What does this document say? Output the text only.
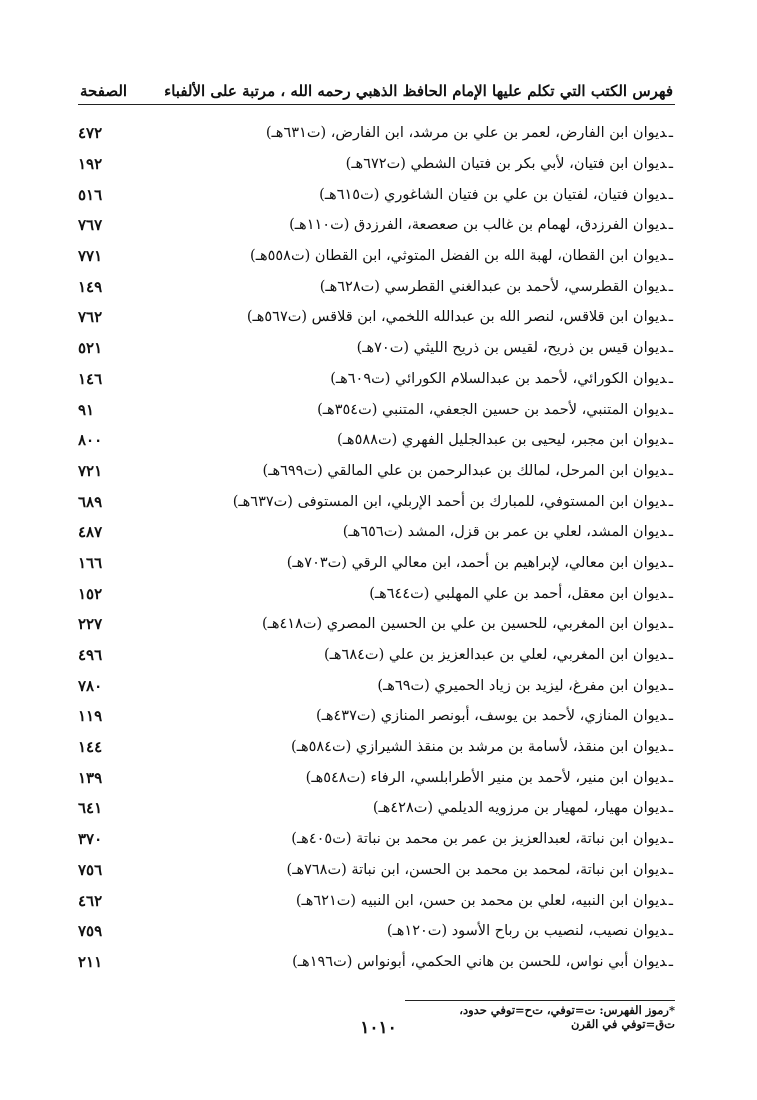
فهرس الكتب التي تكلم عليها الإمام الحافظ الذهبي رحمه الله ، مرتبة على الألفباء
الصفحة
ـديوان ابن الفارض، لعمر بن علي بن مرشد، ابن الفارض، (ت٦٣١هـ)
٤٧٢
ـديوان ابن فتيان، لأبي بكر بن فتيان الشطي (ت٦٧٢هـ)
١٩٢
ـديوان فتيان، لفتيان بن علي بن فتيان الشاغوري (ت٦١٥هـ)
٥١٦
ـديوان الفرزدق، لهمام بن غالب بن صعصعة، الفرزدق (ت١١٠هـ)
٧٦٧
ـديوان ابن القطان، لهبة الله بن الفضل المتوثي، ابن القطان (ت٥٥٨هـ)
٧٧١
ـديوان القطرسي، لأحمد بن عبدالغني القطرسي (ت٦٢٨هـ)
١٤٩
ـديوان ابن قلاقس، لنصر الله بن عبدالله اللخمي، ابن قلاقس (ت٥٦٧هـ)
٧٦٢
ـديوان قيس بن ذريح، لقيس بن ذريح الليثي (ت٧٠هـ)
٥٢١
ـديوان الكورائي، لأحمد بن عبدالسلام الكورائي (ت٦٠٩هـ)
١٤٦
ـديوان المتنبي، لأحمد بن حسين الجعفي، المتنبي (ت٣٥٤هـ)
٩١
ـديوان ابن مجبر، ليحيى بن عبدالجليل الفهري (ت٥٨٨هـ)
٨٠٠
ـديوان ابن المرحل، لمالك بن عبدالرحمن بن علي المالقي (ت٦٩٩هـ)
٧٢١
ـديوان ابن المستوفي، للمبارك بن أحمد الإربلي، ابن المستوفى (ت٦٣٧هـ)
٦٨٩
ـديوان المشد، لعلي بن عمر بن قزل، المشد (ت٦٥٦هـ)
٤٨٧
ـديوان ابن معالي، لإبراهيم بن أحمد، ابن معالي الرقي (ت٧٠٣هـ)
١٦٦
ـديوان ابن معقل، أحمد بن علي المهلبي (ت٦٤٤هـ)
١٥٢
ـديوان ابن المغربي، للحسين بن علي بن الحسين المصري (ت٤١٨هـ)
٢٢٧
ـديوان ابن المغربي، لعلي بن عبدالعزيز بن علي (ت٦٨٤هـ)
٤٩٦
ـديوان ابن مفرغ، ليزيد بن زياد الحميري (ت٦٩هـ)
٧٨٠
ـديوان المنازي، لأحمد بن يوسف، أبونصر المنازي (ت٤٣٧هـ)
١١٩
ـديوان ابن منقذ، لأسامة بن مرشد بن منقذ الشيرازي (ت٥٨٤هـ)
١٤٤
ـديوان ابن منير، لأحمد بن منير الأطرابلسي، الرفاء (ت٥٤٨هـ)
١٣٩
ـديوان مهيار، لمهيار بن مرزويه الديلمي (ت٤٢٨هـ)
٦٤١
ـديوان ابن نباتة، لعبدالعزيز بن عمر بن محمد بن نباتة (ت٤٠٥هـ)
٣٧٠
ـديوان ابن نباتة، لمحمد بن محمد بن الحسن، ابن نباتة (ت٧٦٨هـ)
٧٥٦
ـديوان ابن النبيه، لعلي بن محمد بن حسن، ابن النبيه (ت٦٢١هـ)
٤٦٢
ـديوان نصيب، لنصيب بن رباح الأسود (ت١٢٠هـ)
٧٥٩
ـديوان أبي نواس، للحسن بن هاني الحكمي، أبونواس (ت١٩٦هـ)
٢١١
*رموز الفهرس: ت=توفي، ت‌ح=توفي حدود، ت‌ق=توفي في القرن
١٠١٠
